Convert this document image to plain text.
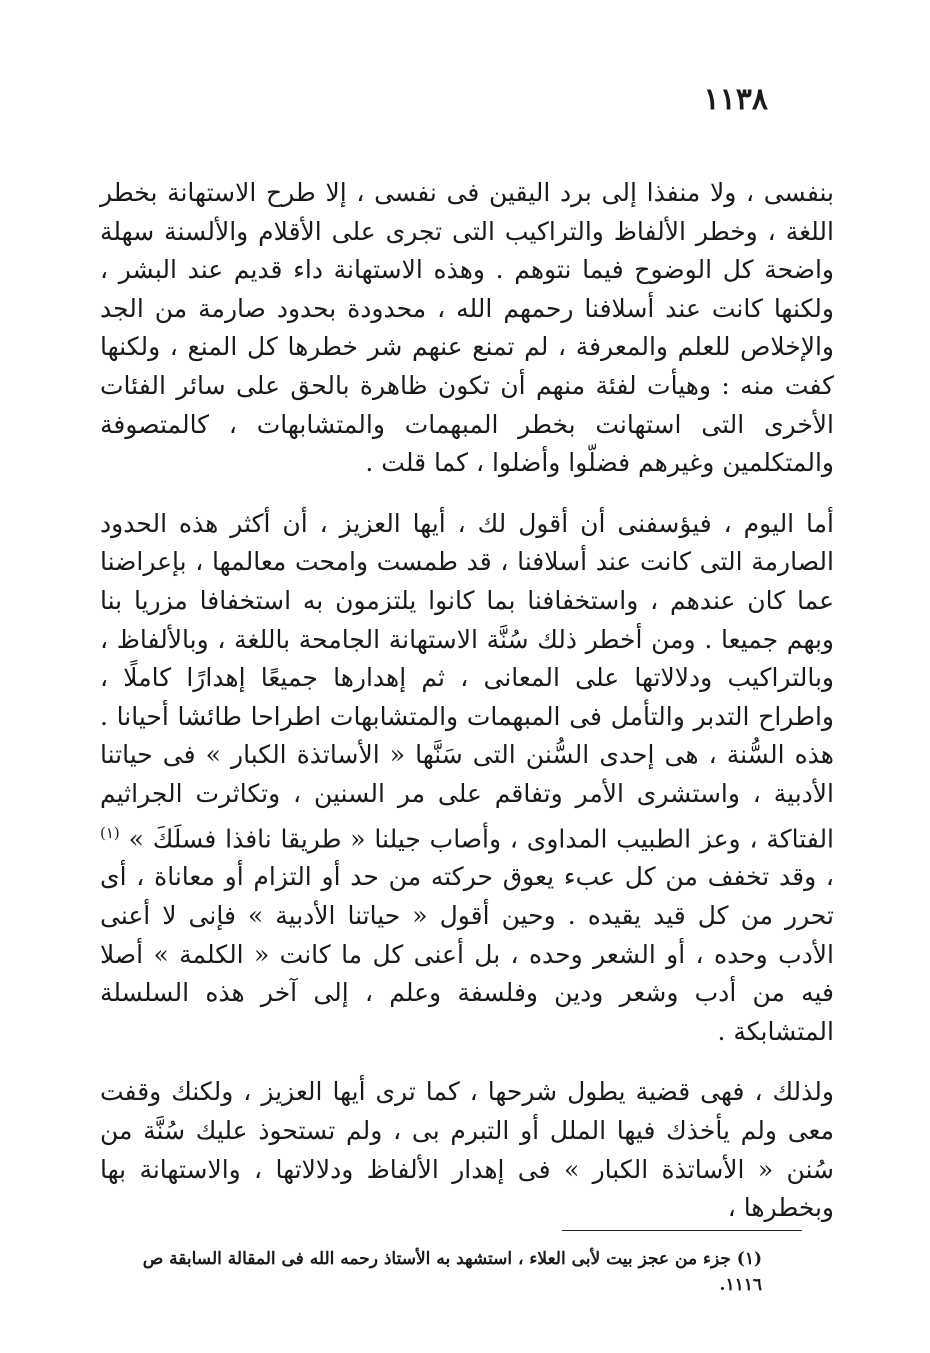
١١٣٨

بنفسى ، ولا منفذا إلى برد اليقين فى نفسى ، إلا طرح الاستهانة بخطر اللغة ، وخطر الألفاظ والتراكيب التى تجرى على الأقلام والألسنة سهلة واضحة كل الوضوح فيما نتوهم . وهذه الاستهانة داء قديم عند البشر ، ولكنها كانت عند أسلافنا رحمهم الله ، محدودة بحدود صارمة من الجد والإخلاص للعلم والمعرفة ، لم تمنع عنهم شر خطرها كل المنع ، ولكنها كفت منه : وهيأت لفئة منهم أن تكون ظاهرة بالحق على سائر الفئات الأخرى التى استهانت بخطر المبهمات والمتشابهات ، كالمتصوفة والمتكلمين وغيرهم فضلّوا وأضلوا ، كما قلت .

أما اليوم ، فيؤسفنى أن أقول لك ، أيها العزيز ، أن أكثر هذه الحدود الصارمة التى كانت عند أسلافنا ، قد طمست وامحت معالمها ، بإعراضنا عما كان عندهم ، واستخفافنا بما كانوا يلتزمون به استخفافا مزريا بنا وبهم جميعا . ومن أخطر ذلك سُنَّة الاستهانة الجامحة باللغة ، وبالألفاظ ، وبالتراكيب ودلالاتها على المعانى ، ثم إهدارها جميعًا إهدارًا كاملًا ، واطراح التدبر والتأمل فى المبهمات والمتشابهات اطراحا طائشا أحيانا . هذه السُّنة ، هى إحدى السُّنن التى سَنَّها « الأساتذة الكبار » فى حياتنا الأدبية ، واستشرى الأمر وتفاقم على مر السنين ، وتكاثرت الجراثيم الفتاكة ، وعز الطبيب المداوى ، وأصاب جيلنا « طريقا نافذا فسلَكَ » $^{(١)}$ ، وقد تخفف من كل عبء يعوق حركته من حد أو التزام أو معاناة ، أى تحرر من كل قيد يقيده . وحين أقول « حياتنا الأدبية » فإنى لا أعنى الأدب وحده ، أو الشعر وحده ، بل أعنى كل ما كانت « الكلمة » أصلا فيه من أدب وشعر ودين وفلسفة وعلم ، إلى آخر هذه السلسلة المتشابكة .

ولذلك ، فهى قضية يطول شرحها ، كما ترى أيها العزيز ، ولكنك وقفت معى ولم يأخذك فيها الملل أو التبرم بى ، ولم تستحوذ عليك سُنَّة من سُنن « الأساتذة الكبار » فى إهدار الألفاظ ودلالاتها ، والاستهانة بها وبخطرها ،

(١) جزء من عجز بيت لأبى العلاء ، استشهد به الأستاذ رحمه الله فى المقالة السابقة ص ١١١٦.
